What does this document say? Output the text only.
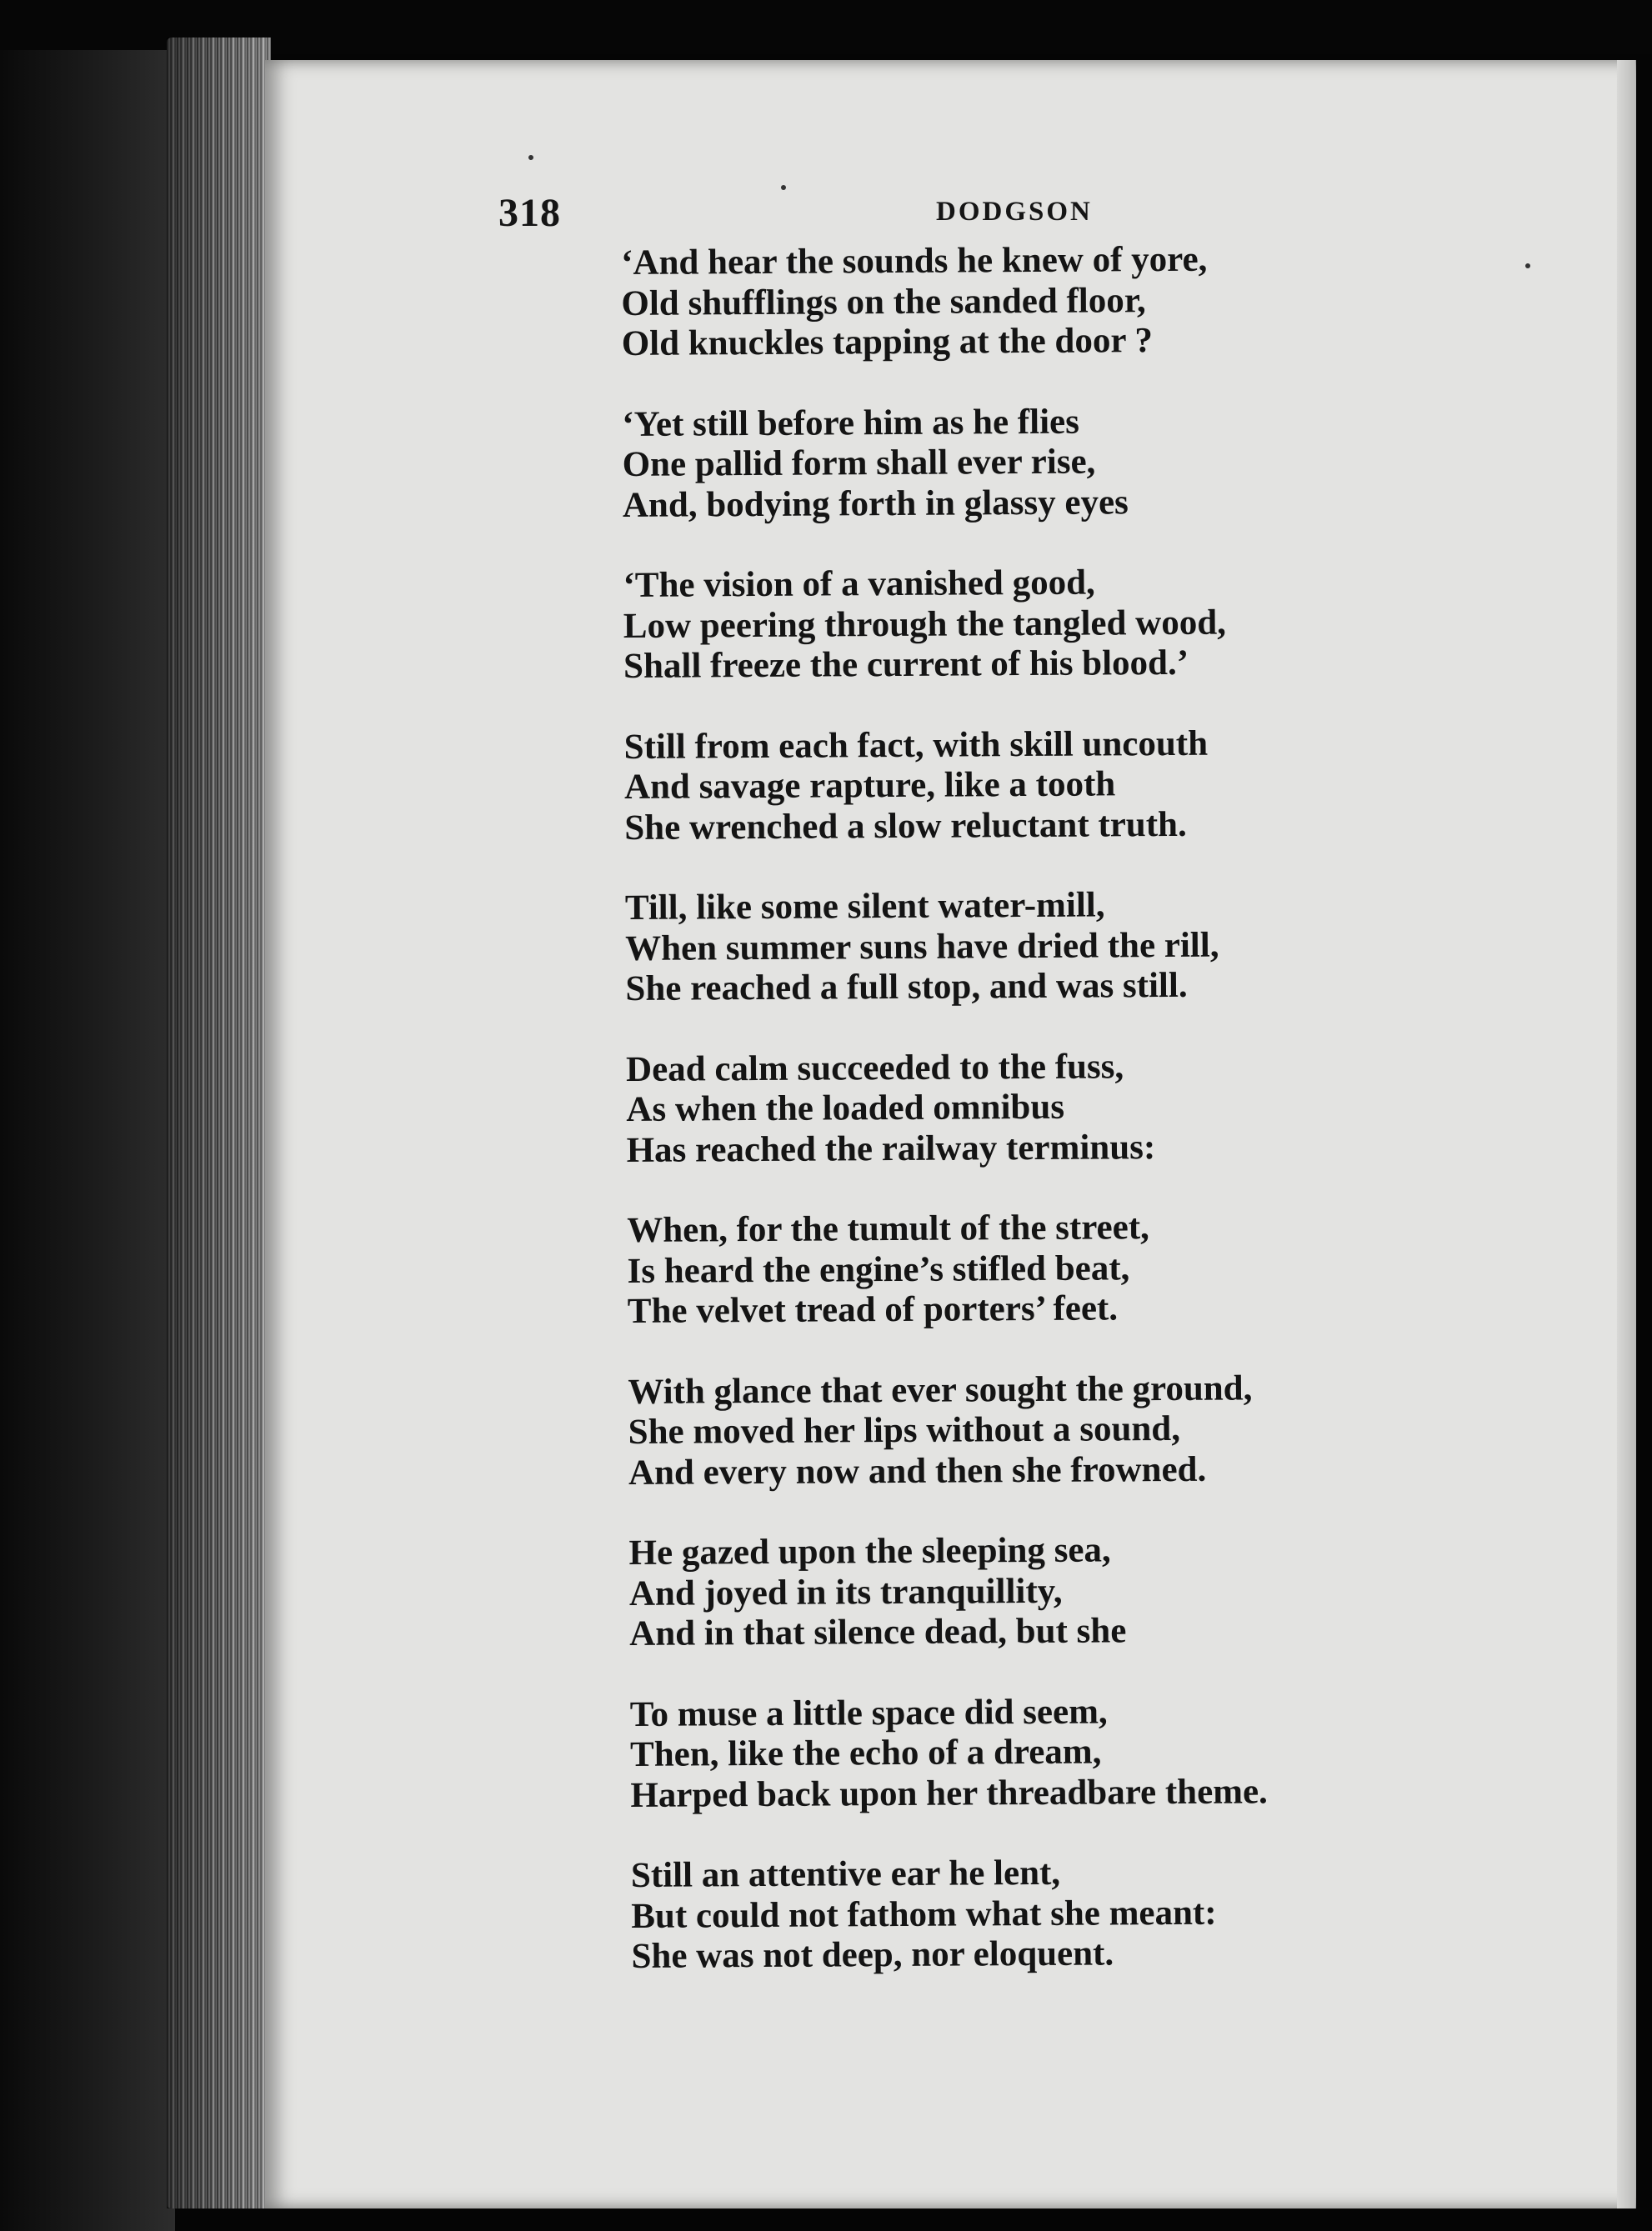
318	DODGSON
‘And hear the sounds he knew of yore,
Old shufflings on the sanded floor,
Old knuckles tapping at the door ?
‘Yet still before him as he flies
One pallid form shall ever rise,
And, bodying forth in glassy eyes
‘The vision of a vanished good,
Low peering through the tangled wood,
Shall freeze the current of his blood.’
Still from each fact, with skill uncouth
And savage rapture, like a tooth
She wrenched a slow reluctant truth.
Till, like some silent water-mill,
When summer suns have dried the rill,
She reached a full stop, and was still.
Dead calm succeeded to the fuss,
As when the loaded omnibus
Has reached the railway terminus:
When, for the tumult of the street,
Is heard the engine’s stifled beat,
The velvet tread of porters’ feet.
With glance that ever sought the ground,
She moved her lips without a sound,
And every now and then she frowned.
He gazed upon the sleeping sea,
And joyed in its tranquillity,
And in that silence dead, but she
To muse a little space did seem,
Then, like the echo of a dream,
Harped back upon her threadbare theme.
Still an attentive ear he lent,
But could not fathom what she meant:
She was not deep, nor eloquent.
